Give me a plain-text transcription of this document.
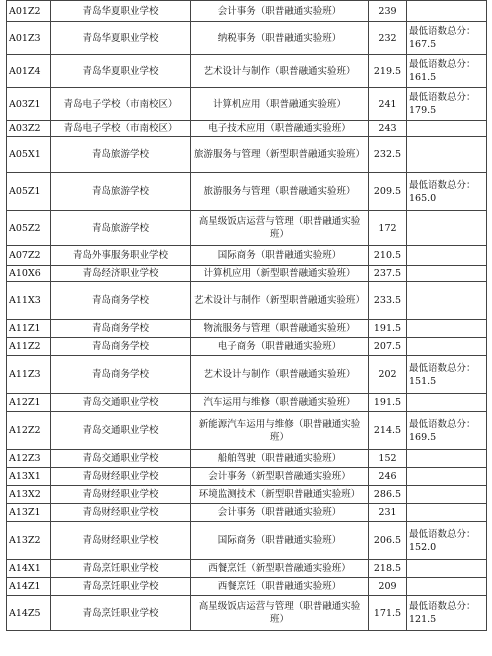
A01Z2	青岛华夏职业学校	会计事务（职普融通实验班）	239	
A01Z3	青岛华夏职业学校	纳税事务（职普融通实验班）	232	最低语数总分：167.5
A01Z4	青岛华夏职业学校	艺术设计与制作（职普融通实验班）	219.5	最低语数总分：161.5
A03Z1	青岛电子学校（市南校区）	计算机应用（职普融通实验班）	241	最低语数总分：179.5
A03Z2	青岛电子学校（市南校区）	电子技术应用（职普融通实验班）	243	
A05X1	青岛旅游学校	旅游服务与管理（新型职普融通实验班）	232.5	
A05Z1	青岛旅游学校	旅游服务与管理（职普融通实验班）	209.5	最低语数总分：165.0
A05Z2	青岛旅游学校	高星级饭店运营与管理（职普融通实验班）	172	
A07Z2	青岛外事服务职业学校	国际商务（职普融通实验班）	210.5	
A10X6	青岛经济职业学校	计算机应用（新型职普融通实验班）	237.5	
A11X3	青岛商务学校	艺术设计与制作（新型职普融通实验班）	233.5	
A11Z1	青岛商务学校	物流服务与管理（职普融通实验班）	191.5	
A11Z2	青岛商务学校	电子商务（职普融通实验班）	207.5	
A11Z3	青岛商务学校	艺术设计与制作（职普融通实验班）	202	最低语数总分：151.5
A12Z1	青岛交通职业学校	汽车运用与维修（职普融通实验班）	191.5	
A12Z2	青岛交通职业学校	新能源汽车运用与维修（职普融通实验班）	214.5	最低语数总分：169.5
A12Z3	青岛交通职业学校	船舶驾驶（职普融通实验班）	152	
A13X1	青岛财经职业学校	会计事务（新型职普融通实验班）	246	
A13X2	青岛财经职业学校	环境监测技术（新型职普融通实验班）	286.5	
A13Z1	青岛财经职业学校	会计事务（职普融通实验班）	231	
A13Z2	青岛财经职业学校	国际商务（职普融通实验班）	206.5	最低语数总分：152.0
A14X1	青岛烹饪职业学校	西餐烹饪（新型职普融通实验班）	218.5	
A14Z1	青岛烹饪职业学校	西餐烹饪（职普融通实验班）	209	
A14Z5	青岛烹饪职业学校	高星级饭店运营与管理（职普融通实验班）	171.5	最低语数总分：121.5
